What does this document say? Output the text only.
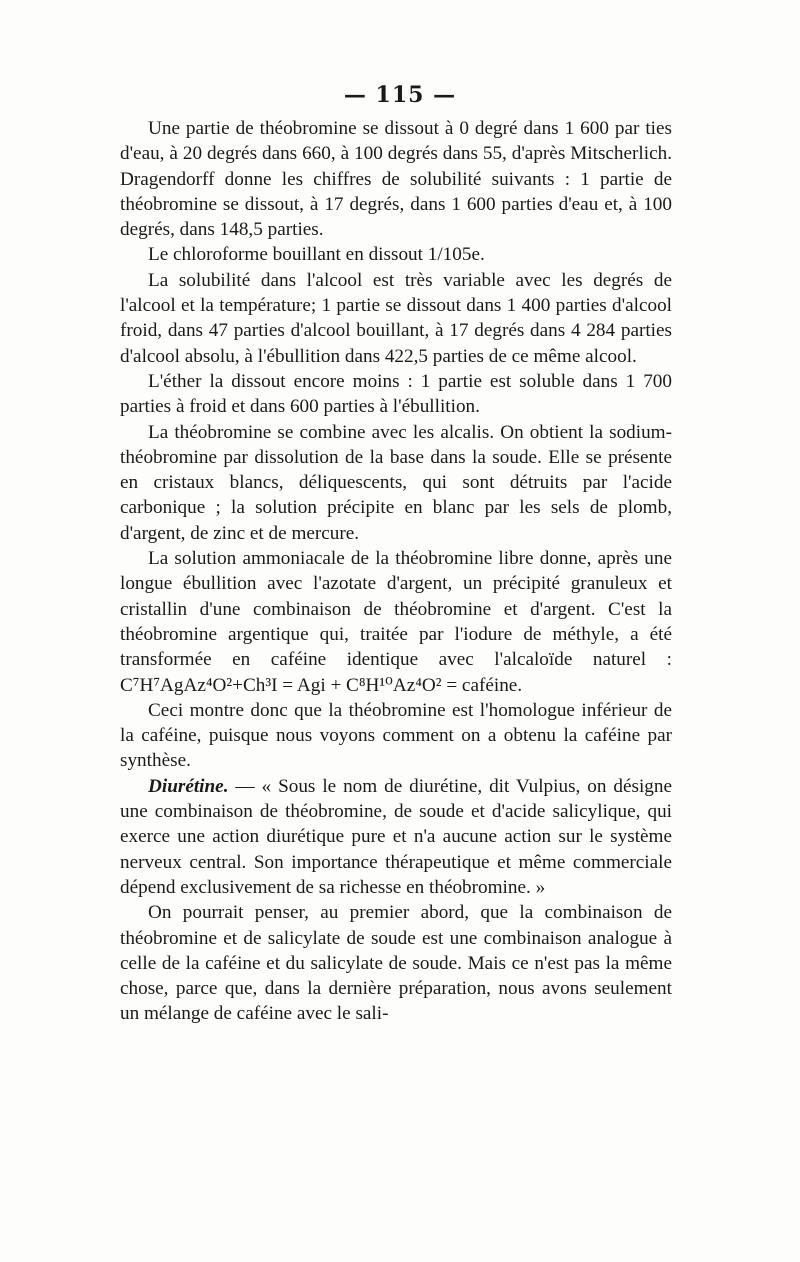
— 115 —

Une partie de théobromine se dissout à 0 degré dans 1 600 par ties d'eau, à 20 degrés dans 660, à 100 degrés dans 55, d'après Mitscherlich. Dragendorff donne les chiffres de solubilité suivants : 1 partie de théobromine se dissout, à 17 degrés, dans 1 600 parties d'eau et, à 100 degrés, dans 148,5 parties.

Le chloroforme bouillant en dissout 1/105e.

La solubilité dans l'alcool est très variable avec les degrés de l'alcool et la température; 1 partie se dissout dans 1 400 parties d'alcool froid, dans 47 parties d'alcool bouillant, à 17 degrés dans 4 284 parties d'alcool absolu, à l'ébullition dans 422,5 parties de ce même alcool.

L'éther la dissout encore moins : 1 partie est soluble dans 1 700 parties à froid et dans 600 parties à l'ébullition.

La théobromine se combine avec les alcalis. On obtient la sodium-théobromine par dissolution de la base dans la soude. Elle se présente en cristaux blancs, déliquescents, qui sont détruits par l'acide carbonique ; la solution précipite en blanc par les sels de plomb, d'argent, de zinc et de mercure.

La solution ammoniacale de la théobromine libre donne, après une longue ébullition avec l'azotate d'argent, un précipité granuleux et cristallin d'une combinaison de théobromine et d'argent. C'est la théobromine argentique qui, traitée par l'iodure de méthyle, a été transformée en caféine identique avec l'alcaloïde naturel : C⁷H⁷AgAz⁴O²+Ch³I = Agi + C⁸H¹⁰Az⁴O² = caféine.

Ceci montre donc que la théobromine est l'homologue inférieur de la caféine, puisque nous voyons comment on a obtenu la caféine par synthèse.

Diurétine. — « Sous le nom de diurétine, dit Vulpius, on désigne une combinaison de théobromine, de soude et d'acide salicylique, qui exerce une action diurétique pure et n'a aucune action sur le système nerveux central. Son importance thérapeutique et même commerciale dépend exclusivement de sa richesse en théobromine. »

On pourrait penser, au premier abord, que la combinaison de théobromine et de salicylate de soude est une combinaison analogue à celle de la caféine et du salicylate de soude. Mais ce n'est pas la même chose, parce que, dans la dernière préparation, nous avons seulement un mélange de caféine avec le sali-
